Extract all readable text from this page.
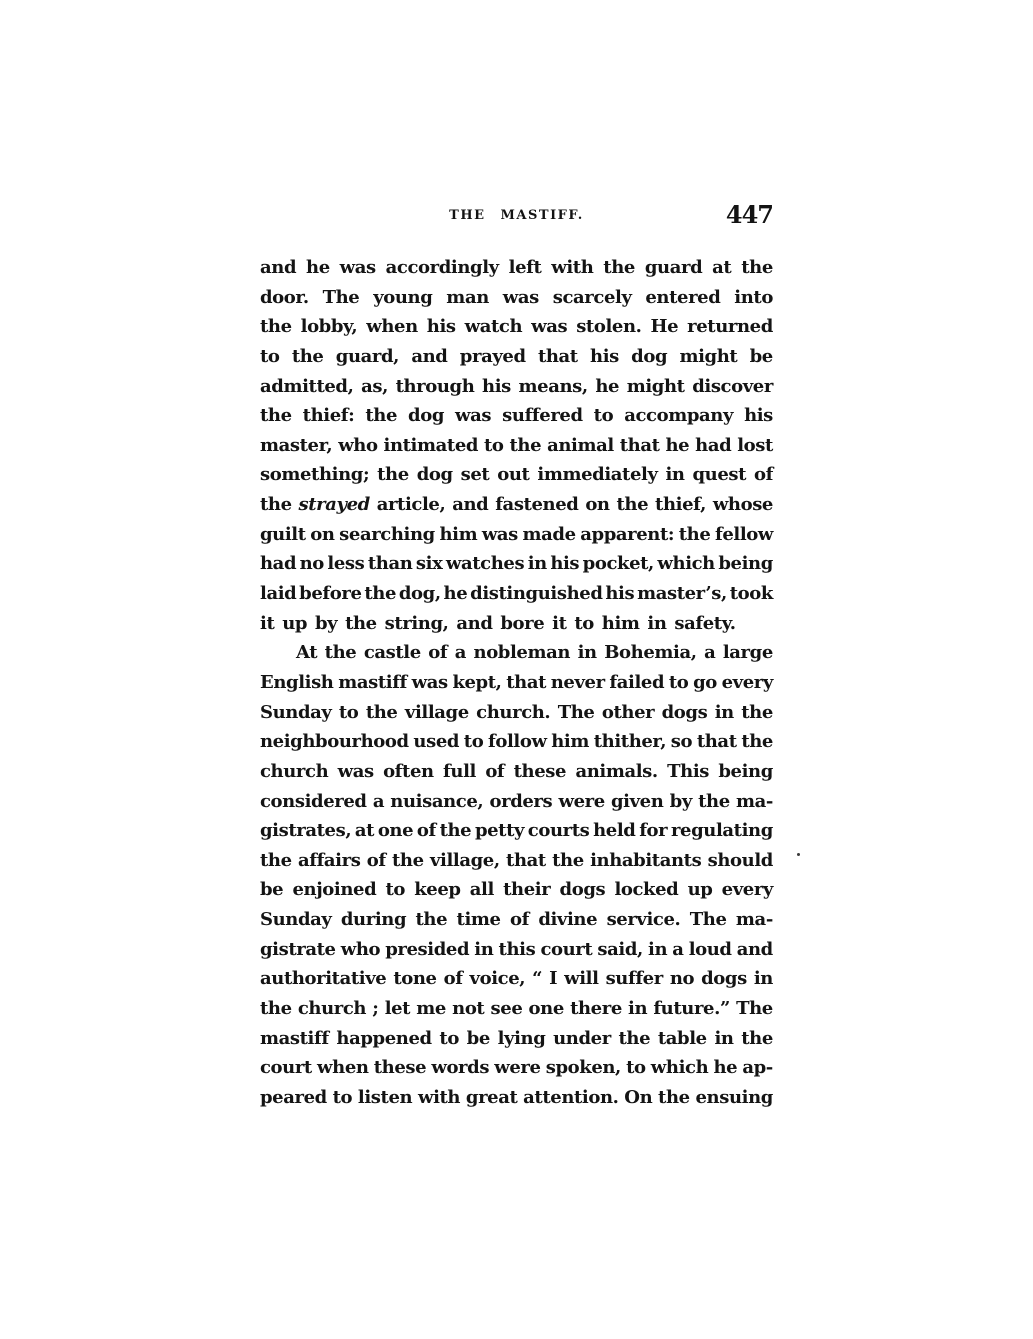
THE MASTIFF.	447
and he was accordingly left with the guard at the
door. The young man was scarcely entered into
the lobby, when his watch was stolen. He returned
to the guard, and prayed that his dog might be
admitted, as, through his means, he might discover
the thief: the dog was suffered to accompany his
master, who intimated to the animal that he had lost
something; the dog set out immediately in quest of
the strayed article, and fastened on the thief, whose
guilt on searching him was made apparent: the fellow
had no less than six watches in his pocket, which being
laid before the dog, he distinguished his master’s, took
it up by the string, and bore it to him in safety.
At the castle of a nobleman in Bohemia, a large
English mastiff was kept, that never failed to go every
Sunday to the village church. The other dogs in the
neighbourhood used to follow him thither, so that the
church was often full of these animals. This being
considered a nuisance, orders were given by the ma-
gistrates, at one of the petty courts held for regulating
the affairs of the village, that the inhabitants should
be enjoined to keep all their dogs locked up every
Sunday during the time of divine service. The ma-
gistrate who presided in this court said, in a loud and
authoritative tone of voice, “ I will suffer no dogs in
the church ; let me not see one there in future.” The
mastiff happened to be lying under the table in the
court when these words were spoken, to which he ap-
peared to listen with great attention. On the ensuing
